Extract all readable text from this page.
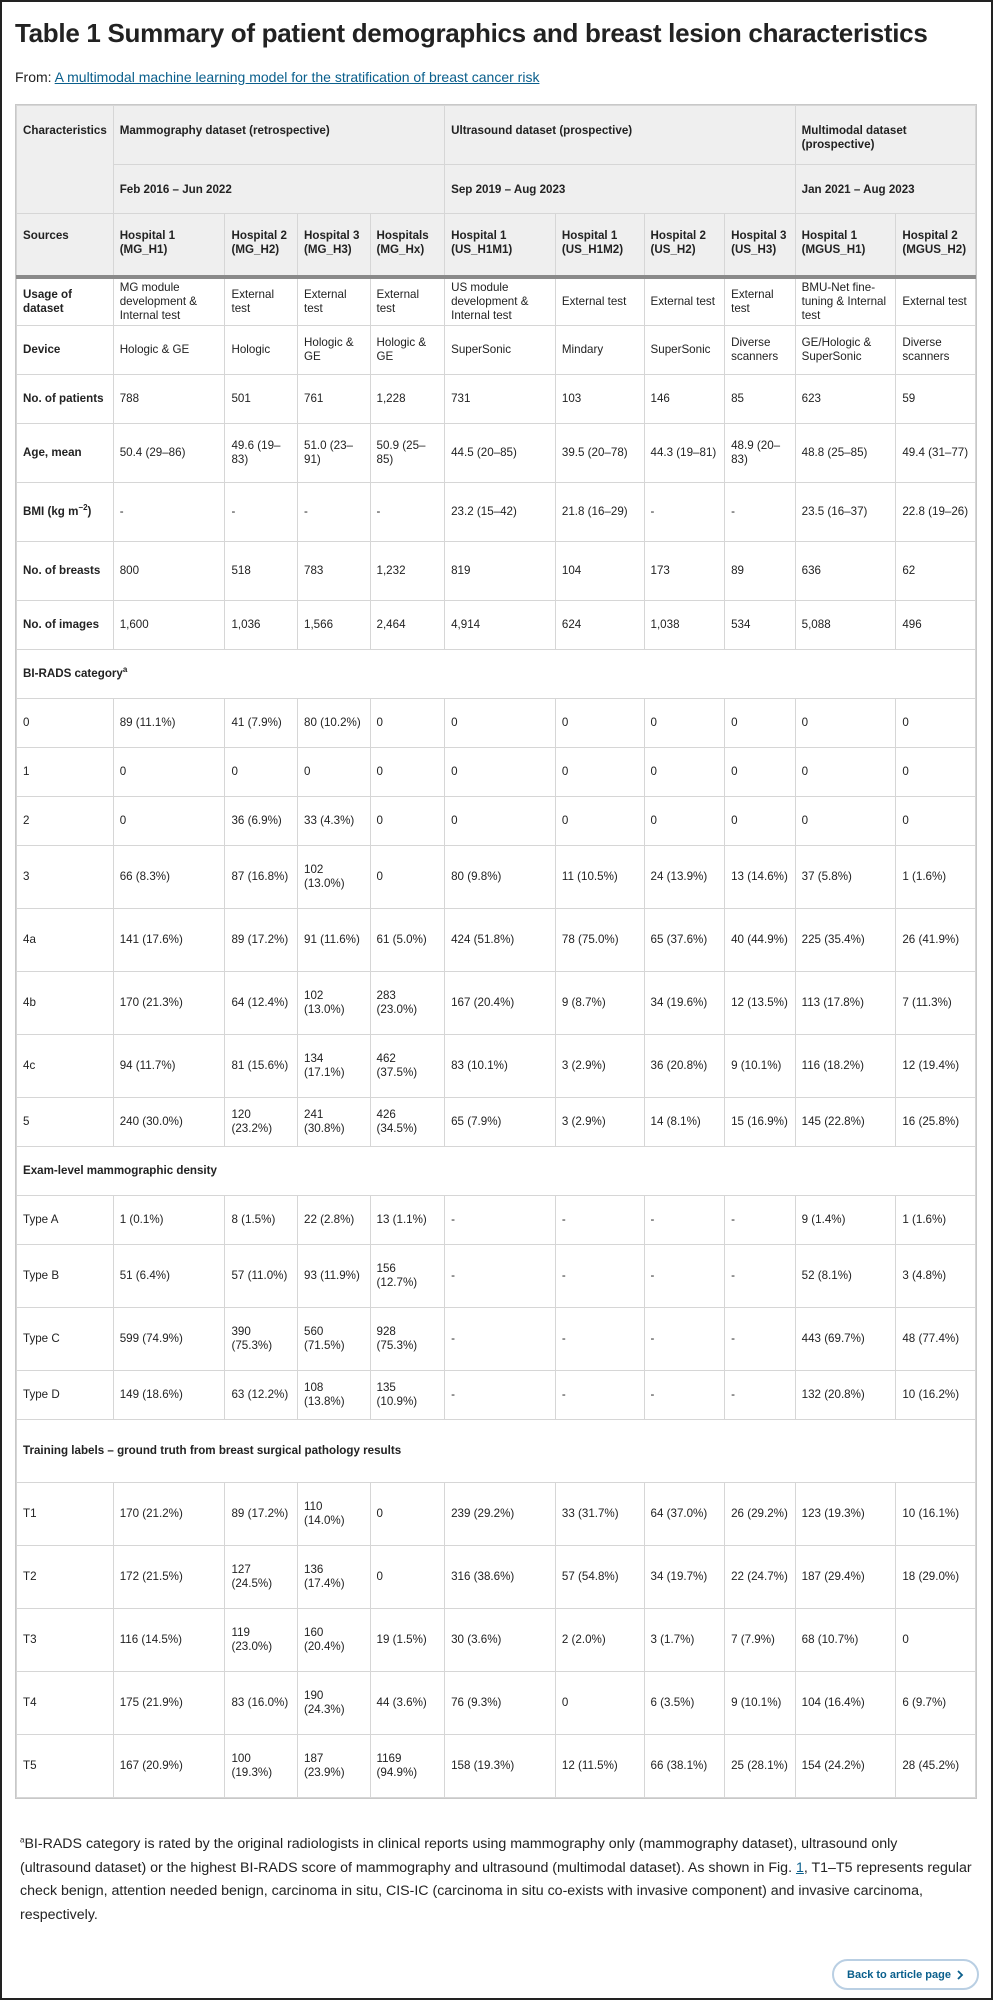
Table 1 Summary of patient demographics and breast lesion characteristics

From: A multimodal machine learning model for the stratification of breast cancer risk

Characteristics	Mammography dataset (retrospective)				Ultrasound dataset (prospective)				Multimodal dataset (prospective)	
	Feb 2016 – Jun 2022				Sep 2019 – Aug 2023				Jan 2021 – Aug 2023	
Sources	Hospital 1 (MG_H1)	Hospital 2 (MG_H2)	Hospital 3 (MG_H3)	Hospitals (MG_Hx)	Hospital 1 (US_H1M1)	Hospital 1 (US_H1M2)	Hospital 2 (US_H2)	Hospital 3 (US_H3)	Hospital 1 (MGUS_H1)	Hospital 2 (MGUS_H2)
Usage of dataset	MG module development & Internal test	External test	External test	External test	US module development & Internal test	External test	External test	External test	BMU-Net fine-tuning & Internal test	External test
Device	Hologic & GE	Hologic	Hologic & GE	Hologic & GE	SuperSonic	Mindary	SuperSonic	Diverse scanners	GE/Hologic & SuperSonic	Diverse scanners
No. of patients	788	501	761	1,228	731	103	146	85	623	59
Age, mean	50.4 (29–86)	49.6 (19–83)	51.0 (23–91)	50.9 (25–85)	44.5 (20–85)	39.5 (20–78)	44.3 (19–81)	48.9 (20–83)	48.8 (25–85)	49.4 (31–77)
BMI (kg $m^{-2}$)	-	-	-	-	23.2 (15–42)	21.8 (16–29)	-	-	23.5 (16–37)	22.8 (19–26)
No. of breasts	800	518	783	1,232	819	104	173	89	636	62
No. of images	1,600	1,036	1,566	2,464	4,914	624	1,038	534	5,088	496
BI-RADS category$^a$
0	89 (11.1%)	41 (7.9%)	80 (10.2%)	0	0	0	0	0	0	0
1	0	0	0	0	0	0	0	0	0	0
2	0	36 (6.9%)	33 (4.3%)	0	0	0	0	0	0	0
3	66 (8.3%)	87 (16.8%)	102 (13.0%)	0	80 (9.8%)	11 (10.5%)	24 (13.9%)	13 (14.6%)	37 (5.8%)	1 (1.6%)
4a	141 (17.6%)	89 (17.2%)	91 (11.6%)	61 (5.0%)	424 (51.8%)	78 (75.0%)	65 (37.6%)	40 (44.9%)	225 (35.4%)	26 (41.9%)
4b	170 (21.3%)	64 (12.4%)	102 (13.0%)	283 (23.0%)	167 (20.4%)	9 (8.7%)	34 (19.6%)	12 (13.5%)	113 (17.8%)	7 (11.3%)
4c	94 (11.7%)	81 (15.6%)	134 (17.1%)	462 (37.5%)	83 (10.1%)	3 (2.9%)	36 (20.8%)	9 (10.1%)	116 (18.2%)	12 (19.4%)
5	240 (30.0%)	120 (23.2%)	241 (30.8%)	426 (34.5%)	65 (7.9%)	3 (2.9%)	14 (8.1%)	15 (16.9%)	145 (22.8%)	16 (25.8%)
Exam-level mammographic density										
Type A	1 (0.1%)	8 (1.5%)	22 (2.8%)	13 (1.1%)	-	-	-	-	9 (1.4%)	1 (1.6%)
Type B	51 (6.4%)	57 (11.0%)	93 (11.9%)	156 (12.7%)	-	-	-	-	52 (8.1%)	3 (4.8%)
Type C	599 (74.9%)	390 (75.3%)	560 (71.5%)	928 (75.3%)	-	-	-	-	443 (69.7%)	48 (77.4%)
Type D	149 (18.6%)	63 (12.2%)	108 (13.8%)	135 (10.9%)	-	-	-	-	132 (20.8%)	10 (16.2%)
Training labels – ground truth from breast surgical pathology results										
T1	170 (21.2%)	89 (17.2%)	110 (14.0%)	0	239 (29.2%)	33 (31.7%)	64 (37.0%)	26 (29.2%)	123 (19.3%)	10 (16.1%)
T2	172 (21.5%)	127 (24.5%)	136 (17.4%)	0	316 (38.6%)	57 (54.8%)	34 (19.7%)	22 (24.7%)	187 (29.4%)	18 (29.0%)
T3	116 (14.5%)	119 (23.0%)	160 (20.4%)	19 (1.5%)	30 (3.6%)	2 (2.0%)	3 (1.7%)	7 (7.9%)	68 (10.7%)	0
T4	175 (21.9%)	83 (16.0%)	190 (24.3%)	44 (3.6%)	76 (9.3%)	0	6 (3.5%)	9 (10.1%)	104 (16.4%)	6 (9.7%)
T5	167 (20.9%)	100 (19.3%)	187 (23.9%)	1169 (94.9%)	158 (19.3%)	12 (11.5%)	66 (38.1%)	25 (28.1%)	154 (24.2%)	28 (45.2%)

$^a$BI-RADS category is rated by the original radiologists in clinical reports using mammography only (mammography dataset), ultrasound only (ultrasound dataset) or the highest BI-RADS score of mammography and ultrasound (multimodal dataset). As shown in Fig. 1, T1–T5 represents regular check benign, attention needed benign, carcinoma in situ, CIS-IC (carcinoma in situ co-exists with invasive component) and invasive carcinoma, respectively.

Back to article page
